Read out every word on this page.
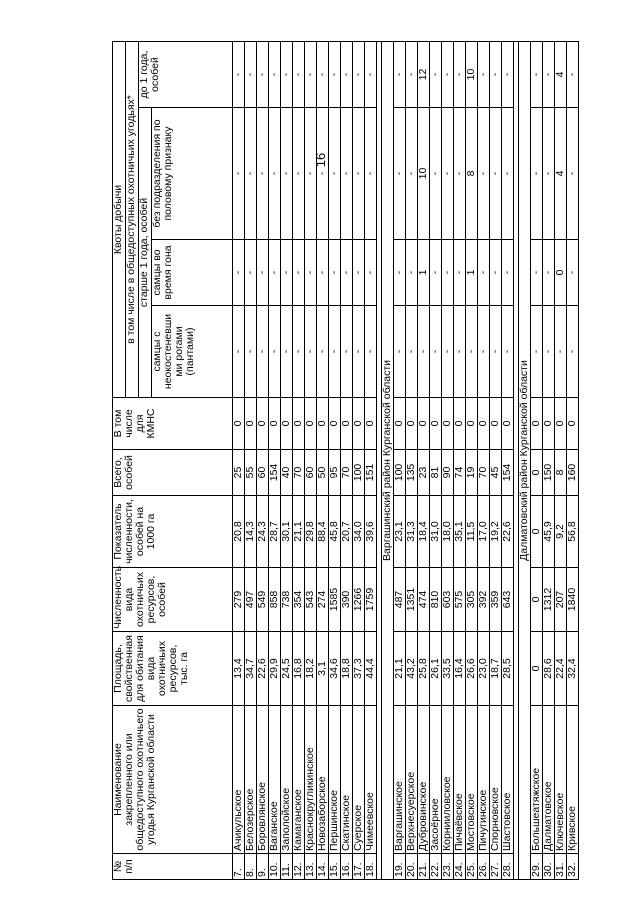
16
№ п/п	Наименование закрепленного или общедоступного охотничьего угодья Курганской области	Площадь, свойственная для обитания вида охотничьих ресурсов, тыс. га	Численность вида охотничьих ресурсов, особей	Показатель численности, особей на 1000 га	Всего, особей	В том числе для КМНС	Квоты добычи			
							в том числе в общедоступных охотничьих угодьях*			
							старше 1 года, особей			до 1 года, особей
							самцы с неокостеневши ми рогами (пантами)	самцы во время гона	без подразделения по половому признаку	
7.	Ачикульское	13,4	279	20,8	25	0	-	-	-	-
8.	Белозерское	34,7	497	14,3	55	0	-	-	-	-
9.	Боровлянское	22,6	549	24,3	60	0	-	-	-	-
10.	Ваганское	29,9	858	28,7	154	0	-	-	-	-
11.	Заполойское	24,5	738	30,1	40	0	-	-	-	-
12.	Камаганское	16,8	354	21,1	70	0	-	-	-	-
13.	Краснокругликинское	18,2	543	29,8	60	0	-	-	-	-
14.	Новозаборское	3,1	274	88,4	50	0	-	-	-	-
15.	Першинское	34,6	1585	45,8	95	0	-	-	-	-
16.	Скатинское	18,8	390	20,7	70	0	-	-	-	-
17.	Суерское	37,3	1266	34,0	100	0	-	-	-	-
18.	Чимеевское	44,4	1759	39,6	151	0	-	-	-	-

Варгашинский район Курганской области										
19.	Варгашинское	21,1	487	23,1	100	0	-	-	-	-
20.	Верхнесуерское	43,2	1351	31,3	135	0	-	-	-	-
21.	Дубровинское	25,8	474	18,4	23	0	-	1	10	12
22.	Засоёрное	26,1	810	31,0	81	0	-	-	-	-
23.	Корнииловское	33,5	603	18,0	90	0	-	-	-	-
24.	Пичаёвское	16,4	575	35,1	74	0	-	-	-	-
25.	Мостовское	26,6	305	11,5	19	0	-	1	8	10
26.	Пичугинское	23,0	392	17,0	70	0	-	-	-	-
27.	Спорновское	18,7	359	19,2	45	0	-	-	-	-
28.	Шастовское	28,5	643	22,6	154	0	-	-	-	-

Далматовский район Курганской области										
29.	Большеатяжское	0	0	0	0	0	-	-	-	-
30.	Далматовское	28,6	1312	45,9	150	0	-	-	-	-
31.	Ключевское	22,4	207	9,2	8	0	-	0	4	4
32.	Кривское	32,4	1840	56,8	160	0	-	-	-	-
